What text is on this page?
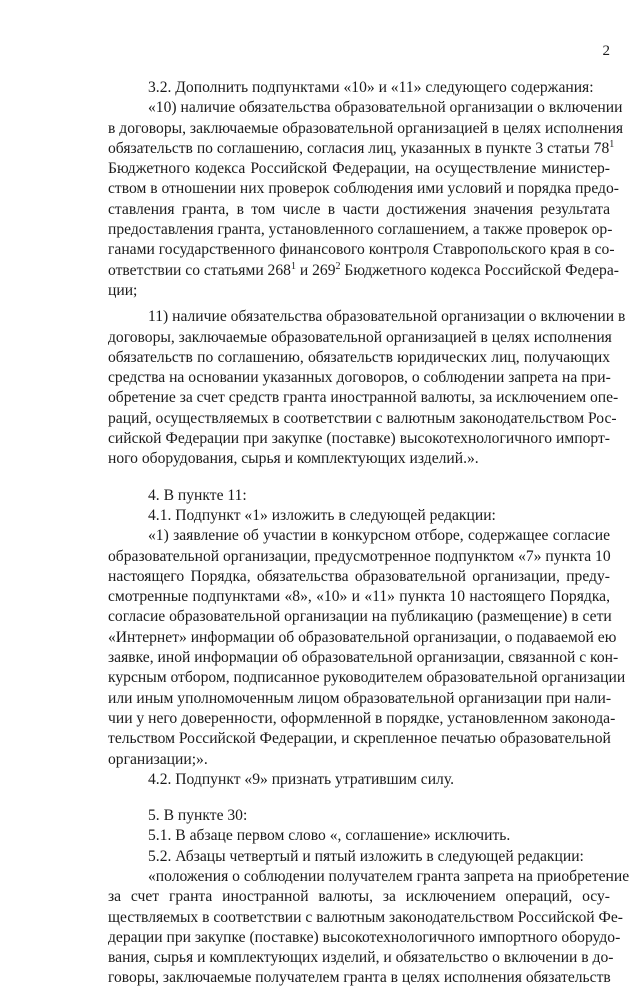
2
3.2. Дополнить подпунктами «10» и «11» следующего содержания:
«10) наличие обязательства образовательной организации о включении
в договоры, заключаемые образовательной организацией в целях исполнения
обязательств по соглашению, согласия лиц, указанных в пункте 3 статьи $78^1$
Бюджетного кодекса Российской Федерации, на осуществление министер-
ством в отношении них проверок соблюдения ими условий и порядка предо-
ставления гранта, в том числе в части достижения значения результата
предоставления гранта, установленного соглашением, а также проверок ор-
ганами государственного финансового контроля Ставропольского края в со-
ответствии со статьями $268^1$ и $269^2$ Бюджетного кодекса Российской Федера-
ции;
11) наличие обязательства образовательной организации о включении в
договоры, заключаемые образовательной организацией в целях исполнения
обязательств по соглашению, обязательств юридических лиц, получающих
средства на основании указанных договоров, о соблюдении запрета на при-
обретение за счет средств гранта иностранной валюты, за исключением опе-
раций, осуществляемых в соответствии с валютным законодательством Рос-
сийской Федерации при закупке (поставке) высокотехнологичного импорт-
ного оборудования, сырья и комплектующих изделий.».
4. В пункте 11:
4.1. Подпункт «1» изложить в следующей редакции:
«1) заявление об участии в конкурсном отборе, содержащее согласие
образовательной организации, предусмотренное подпунктом «7» пункта 10
настоящего Порядка, обязательства образовательной организации, преду-
смотренные подпунктами «8», «10» и «11» пункта 10 настоящего Порядка,
согласие образовательной организации на публикацию (размещение) в сети
«Интернет» информации об образовательной организации, о подаваемой ею
заявке, иной информации об образовательной организации, связанной с кон-
курсным отбором, подписанное руководителем образовательной организации
или иным уполномоченным лицом образовательной организации при нали-
чии у него доверенности, оформленной в порядке, установленном законода-
тельством Российской Федерации, и скрепленное печатью образовательной
организации;».
4.2. Подпункт «9» признать утратившим силу.
5. В пункте 30:
5.1. В абзаце первом слово «, соглашение» исключить.
5.2. Абзацы четвертый и пятый изложить в следующей редакции:
«положения о соблюдении получателем гранта запрета на приобретение
за счет гранта иностранной валюты, за исключением операций, осу-
ществляемых в соответствии с валютным законодательством Российской Фе-
дерации при закупке (поставке) высокотехнологичного импортного оборудо-
вания, сырья и комплектующих изделий, и обязательство о включении в до-
говоры, заключаемые получателем гранта в целях исполнения обязательств
